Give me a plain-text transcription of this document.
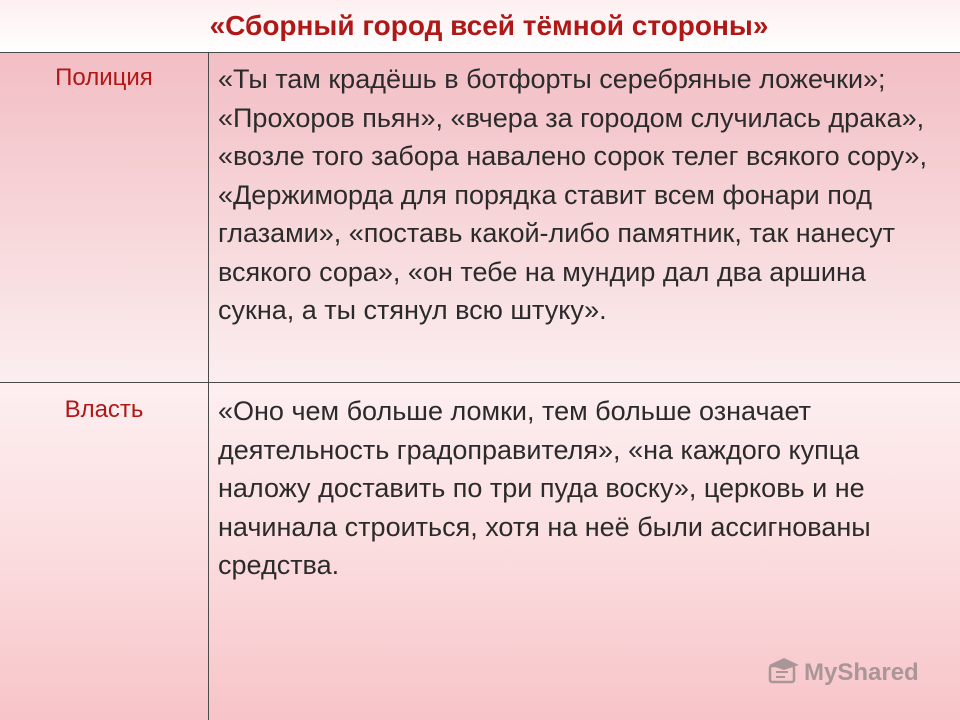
«Сборный город всей тёмной стороны»
Полиция	«Ты там крадёшь в ботфорты серебряные ложечки»; «Прохоров пьян», «вчера за городом случилась драка», «возле того забора навалено сорок телег всякого сору», «Держиморда для порядка ставит всем фонари под глазами», «поставь какой-либо памятник, так нанесут всякого сора», «он тебе на мундир дал два аршина сукна, а ты стянул всю штуку».

Власть	«Оно чем больше ломки, тем больше означает деятельность градоправителя», «на каждого купца наложу доставить по три пуда воску», церковь и не начинала строиться, хотя на неё были ассигнованы средства.

MyShared
